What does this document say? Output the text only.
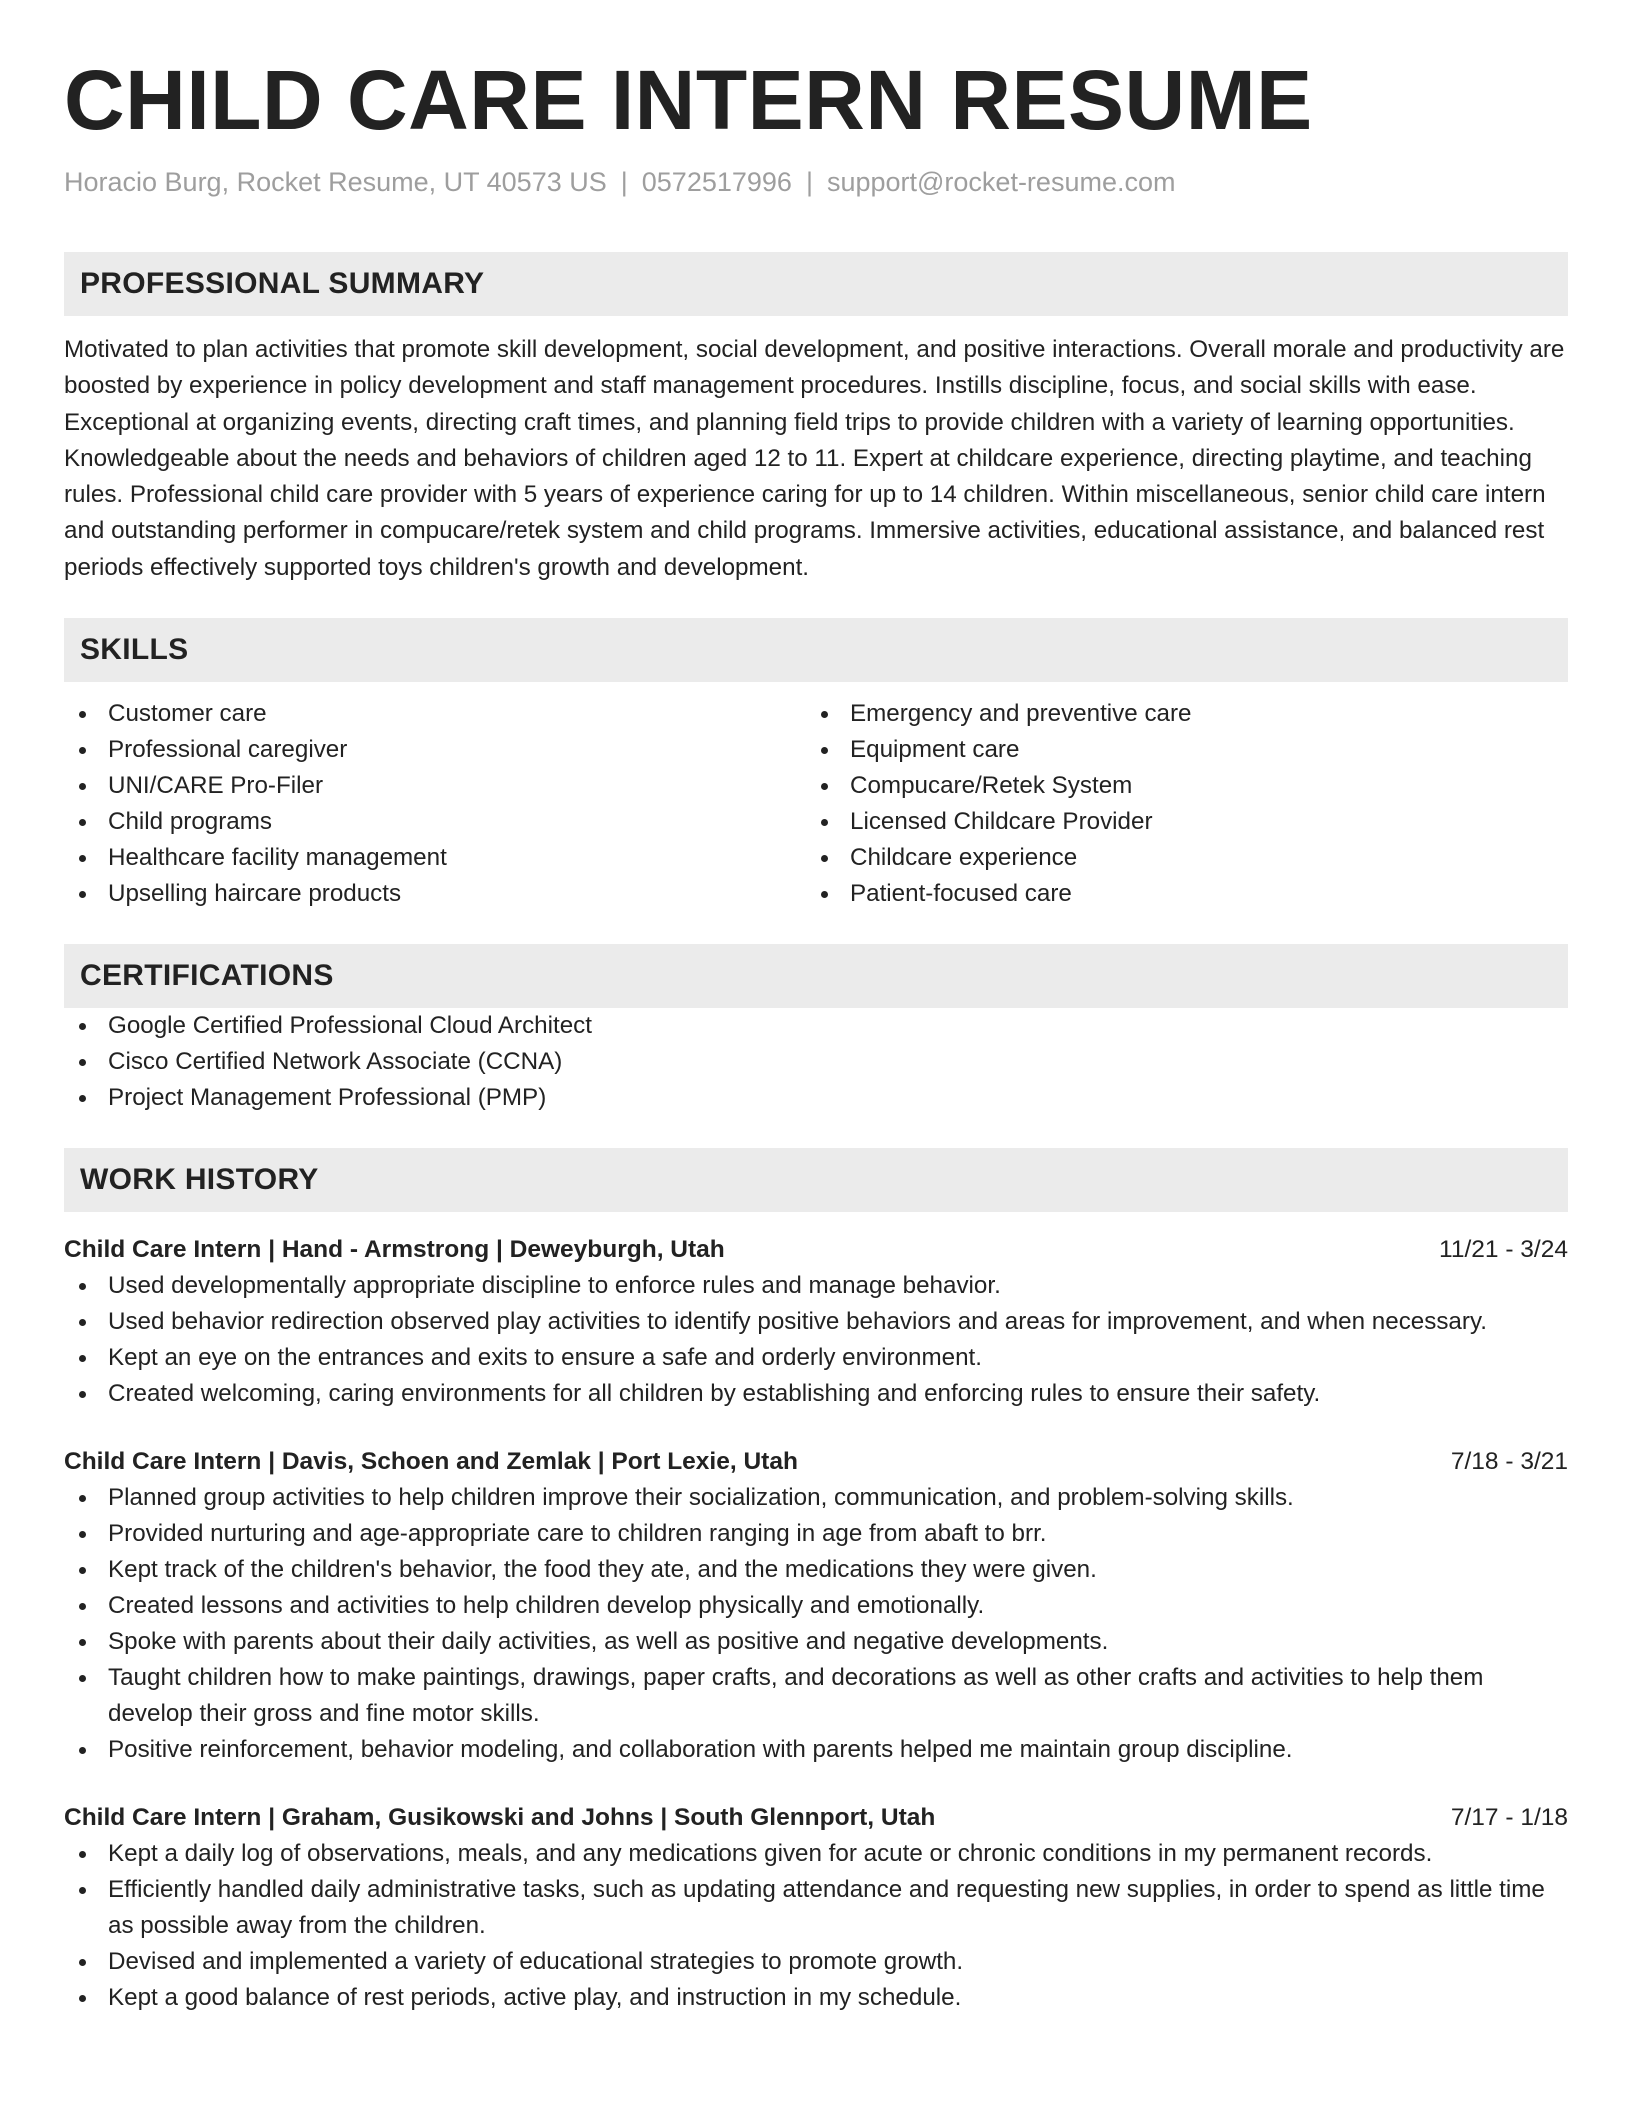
CHILD CARE INTERN RESUME
Horacio Burg, Rocket Resume, UT 40573 US | 0572517996 | support@rocket-resume.com
PROFESSIONAL SUMMARY

Motivated to plan activities that promote skill development, social development, and positive interactions. Overall morale and productivity are boosted by experience in policy development and staff management procedures. Instills discipline, focus, and social skills with ease. Exceptional at organizing events, directing craft times, and planning field trips to provide children with a variety of learning opportunities. Knowledgeable about the needs and behaviors of children aged 12 to 11. Expert at childcare experience, directing playtime, and teaching rules. Professional child care provider with 5 years of experience caring for up to 14 children. Within miscellaneous, senior child care intern and outstanding performer in compucare/retek system and child programs. Immersive activities, educational assistance, and balanced rest periods effectively supported toys children's growth and development.

SKILLS
Customer care
Professional caregiver
UNI/CARE Pro-Filer
Child programs
Healthcare facility management
Upselling haircare products
Emergency and preventive care
Equipment care
Compucare/Retek System
Licensed Childcare Provider
Childcare experience
Patient-focused care
CERTIFICATIONS
Google Certified Professional Cloud Architect
Cisco Certified Network Associate (CCNA)
Project Management Professional (PMP)
WORK HISTORY
Child Care Intern | Hand - Armstrong | Deweyburgh, Utah	11/21 - 3/24
Used developmentally appropriate discipline to enforce rules and manage behavior.
Used behavior redirection observed play activities to identify positive behaviors and areas for improvement, and when necessary.
Kept an eye on the entrances and exits to ensure a safe and orderly environment.
Created welcoming, caring environments for all children by establishing and enforcing rules to ensure their safety.
Child Care Intern | Davis, Schoen and Zemlak | Port Lexie, Utah	7/18 - 3/21
Planned group activities to help children improve their socialization, communication, and problem-solving skills.
Provided nurturing and age-appropriate care to children ranging in age from abaft to brr.
Kept track of the children's behavior, the food they ate, and the medications they were given.
Created lessons and activities to help children develop physically and emotionally.
Spoke with parents about their daily activities, as well as positive and negative developments.
Taught children how to make paintings, drawings, paper crafts, and decorations as well as other crafts and activities to help them develop their gross and fine motor skills.
Positive reinforcement, behavior modeling, and collaboration with parents helped me maintain group discipline.
Child Care Intern | Graham, Gusikowski and Johns | South Glennport, Utah	7/17 - 1/18
Kept a daily log of observations, meals, and any medications given for acute or chronic conditions in my permanent records.
Efficiently handled daily administrative tasks, such as updating attendance and requesting new supplies, in order to spend as little time as possible away from the children.
Devised and implemented a variety of educational strategies to promote growth.
Kept a good balance of rest periods, active play, and instruction in my schedule.
